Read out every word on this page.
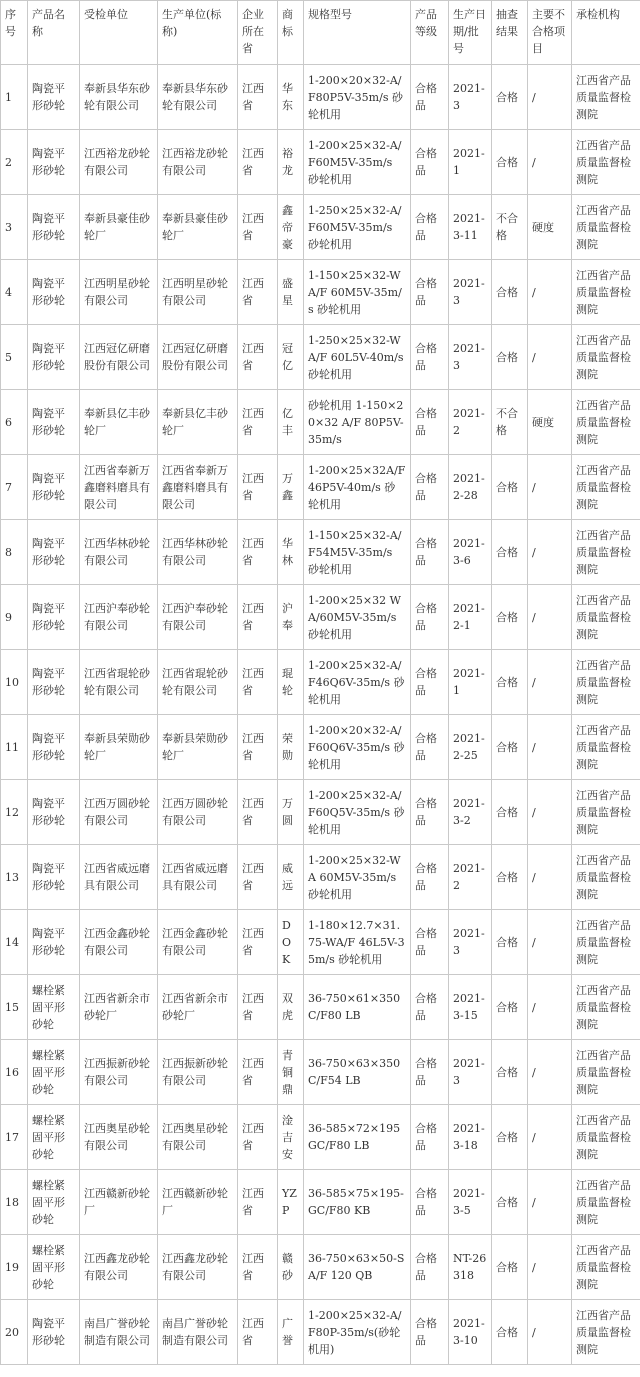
序号	产品名称	受检单位	生产单位(标称)	企业所在省	商标	规格型号	产品等级	生产日期/批号	抽查结果	主要不合格项目	承检机构
1	陶瓷平形砂轮	奉新县华东砂轮有限公司	奉新县华东砂轮有限公司	江西省	华东	1-200×20×32-A/F80P5V-35m/s 砂轮机用	合格品	2021-3	合格	/	江西省产品质量监督检测院
2	陶瓷平形砂轮	江西裕龙砂轮有限公司	江西裕龙砂轮有限公司	江西省	裕龙	1-200×25×32-A/F60M5V-35m/s 砂轮机用	合格品	2021-1	合格	/	江西省产品质量监督检测院
3	陶瓷平形砂轮	奉新县豪佳砂轮厂	奉新县豪佳砂轮厂	江西省	鑫帝豪	1-250×25×32-A/F60M5V-35m/s 砂轮机用	合格品	2021-3-11	不合格	硬度	江西省产品质量监督检测院
4	陶瓷平形砂轮	江西明星砂轮有限公司	江西明星砂轮有限公司	江西省	盛星	1-150×25×32-WA/F 60M5V-35m/s 砂轮机用	合格品	2021-3	合格	/	江西省产品质量监督检测院
5	陶瓷平形砂轮	江西冠亿研磨股份有限公司	江西冠亿研磨股份有限公司	江西省	冠亿	1-250×25×32-WA/F 60L5V-40m/s 砂轮机用	合格品	2021-3	合格	/	江西省产品质量监督检测院
6	陶瓷平形砂轮	奉新县亿丰砂轮厂	奉新县亿丰砂轮厂	江西省	亿丰	砂轮机用 1-150×20×32 A/F 80P5V-35m/s	合格品	2021-2	不合格	硬度	江西省产品质量监督检测院
7	陶瓷平形砂轮	江西省奉新万鑫磨料磨具有限公司	江西省奉新万鑫磨料磨具有限公司	江西省	万鑫	1-200×25×32A/F46P5V-40m/s 砂轮机用	合格品	2021-2-28	合格	/	江西省产品质量监督检测院
8	陶瓷平形砂轮	江西华林砂轮有限公司	江西华林砂轮有限公司	江西省	华林	1-150×25×32-A/F54M5V-35m/s 砂轮机用	合格品	2021-3-6	合格	/	江西省产品质量监督检测院
9	陶瓷平形砂轮	江西沪奉砂轮有限公司	江西沪奉砂轮有限公司	江西省	沪奉	1-200×25×32 WA/60M5V-35m/s 砂轮机用	合格品	2021-2-1	合格	/	江西省产品质量监督检测院
10	陶瓷平形砂轮	江西省琨轮砂轮有限公司	江西省琨轮砂轮有限公司	江西省	琨轮	1-200×25×32-A/F46Q6V-35m/s 砂轮机用	合格品	2021-1	合格	/	江西省产品质量监督检测院
11	陶瓷平形砂轮	奉新县荣勋砂轮厂	奉新县荣勋砂轮厂	江西省	荣勋	1-200×20×32-A/F60Q6V-35m/s 砂轮机用	合格品	2021-2-25	合格	/	江西省产品质量监督检测院
12	陶瓷平形砂轮	江西万圆砂轮有限公司	江西万圆砂轮有限公司	江西省	万圆	1-200×25×32-A/F60Q5V-35m/s 砂轮机用	合格品	2021-3-2	合格	/	江西省产品质量监督检测院
13	陶瓷平形砂轮	江西省威远磨具有限公司	江西省威远磨具有限公司	江西省	威远	1-200×25×32-WA 60M5V-35m/s 砂轮机用	合格品	2021-2	合格	/	江西省产品质量监督检测院
14	陶瓷平形砂轮	江西金鑫砂轮有限公司	江西金鑫砂轮有限公司	江西省	DOK	1-180×12.7×31.75-WA/F 46L5V-35m/s 砂轮机用	合格品	2021-3	合格	/	江西省产品质量监督检测院
15	螺栓紧固平形砂轮	江西省新余市砂轮厂	江西省新余市砂轮厂	江西省	双虎	36-750×61×350C/F80 LB	合格品	2021-3-15	合格	/	江西省产品质量监督检测院
16	螺栓紧固平形砂轮	江西振新砂轮有限公司	江西振新砂轮有限公司	江西省	青铜鼎	36-750×63×350C/F54 LB	合格品	2021-3	合格	/	江西省产品质量监督检测院
17	螺栓紧固平形砂轮	江西奥星砂轮有限公司	江西奥星砂轮有限公司	江西省	淦吉安	36-585×72×195GC/F80 LB	合格品	2021-3-18	合格	/	江西省产品质量监督检测院
18	螺栓紧固平形砂轮	江西赣新砂轮厂	江西赣新砂轮厂	江西省	YZP	36-585×75×195-GC/F80 KB	合格品	2021-3-5	合格	/	江西省产品质量监督检测院
19	螺栓紧固平形砂轮	江西鑫龙砂轮有限公司	江西鑫龙砂轮有限公司	江西省	赣砂	36-750×63×50-SA/F 120 QB	合格品	NT-26318	合格	/	江西省产品质量监督检测院
20	陶瓷平形砂轮	南昌广誉砂轮制造有限公司	南昌广誉砂轮制造有限公司	江西省	广誉	1-200×25×32-A/F80P-35m/s(砂轮机用)	合格品	2021-3-10	合格	/	江西省产品质量监督检测院
